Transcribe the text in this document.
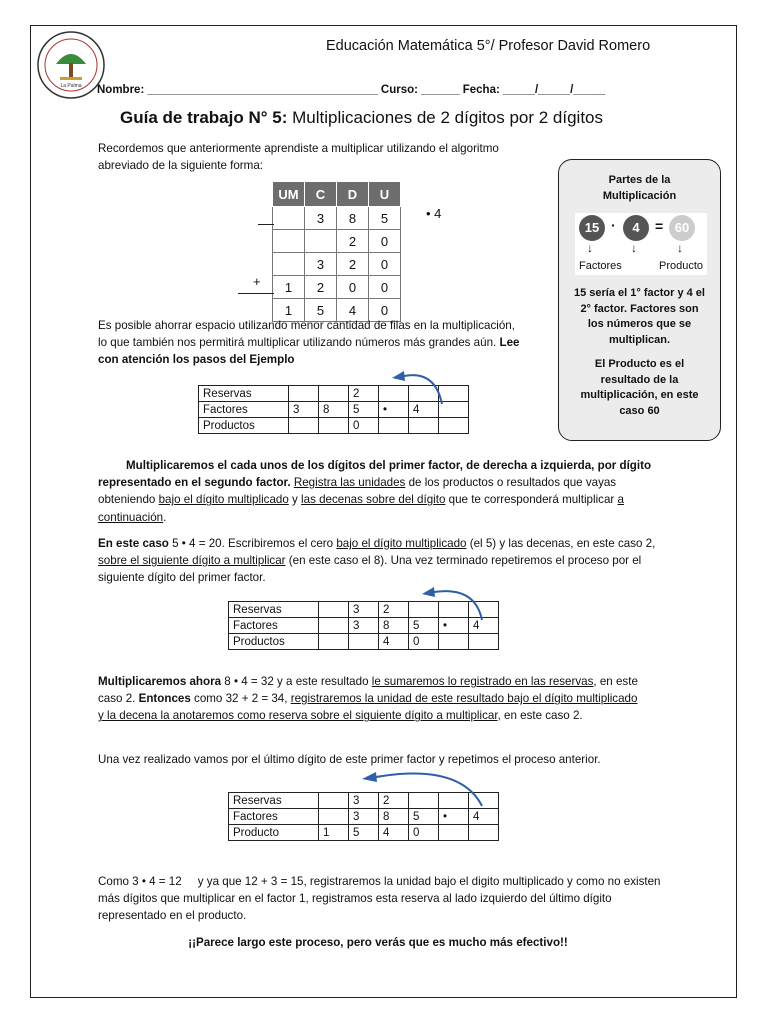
La Palma
Educación Matemática 5°/ Profesor David Romero
Nombre: ____________________________________ Curso: ______ Fecha: _____/_____/_____
Guía de trabajo N° 5: Multiplicaciones de 2 dígitos por 2 dígitos

Recordemos que anteriormente aprendiste a multiplicar utilizando el algoritmo abreviado de la siguiente forma:

UM	C	D	U
	3	8	5
		2	0
	3	2	0
1	2	0	0
1	5	4	0
• 4
+

Partes de la Multiplicación

15 ·	4	= 60
↓	↓	↓
Factores	Producto

15 sería el 1° factor y 4 el 2° factor. Factores son los números que se multiplican.

El Producto es el resultado de la multiplicación, en este caso 60

Es posible ahorrar espacio utilizando menor cantidad de filas en la multiplicación, lo que también nos permitirá multiplicar utilizando números más grandes aún. Lee con atención los pasos del Ejemplo

Reservas			2			
Factores	3	8	5	•	4	
Productos			0			

Multiplicaremos el cada unos de los dígitos del primer factor, de derecha a izquierda, por dígito representado en el segundo factor. Registra las unidades de los productos o resultados que vayas obteniendo bajo el dígito multiplicado y las decenas sobre del dígito que te corresponderá multiplicar a continuación.

En este caso 5 • 4 = 20. Escribiremos el cero bajo el dígito multiplicado (el 5) y las decenas, en este caso 2, sobre el siguiente dígito a multiplicar (en este caso el 8). Una vez terminado repetiremos el proceso por el siguiente dígito del primer factor.

Reservas		3	2			
Factores		3	8	5	•	4
Productos			4	0		

Multiplicaremos ahora 8 • 4 = 32 y a este resultado le sumaremos lo registrado en las reservas, en este caso 2. Entonces como 32 + 2 = 34, registraremos la unidad de este resultado bajo el dígito multiplicado y la decena la anotaremos como reserva sobre el siguiente dígito a multiplicar, en este caso 2.

Una vez realizado vamos por el último dígito de este primer factor y repetimos el proceso anterior.

Reservas		3	2			
Factores		3	8	5	•	4
Producto	1	5	4	0		

Como 3 • 4 = 12     y ya que 12 + 3 = 15, registraremos la unidad bajo el digito multiplicado y como no existen más dígitos que multiplicar en el factor 1, registramos esta reserva al lado izquierdo del último dígito representado en el producto.

¡¡Parece largo este proceso, pero verás que es mucho más efectivo!!
